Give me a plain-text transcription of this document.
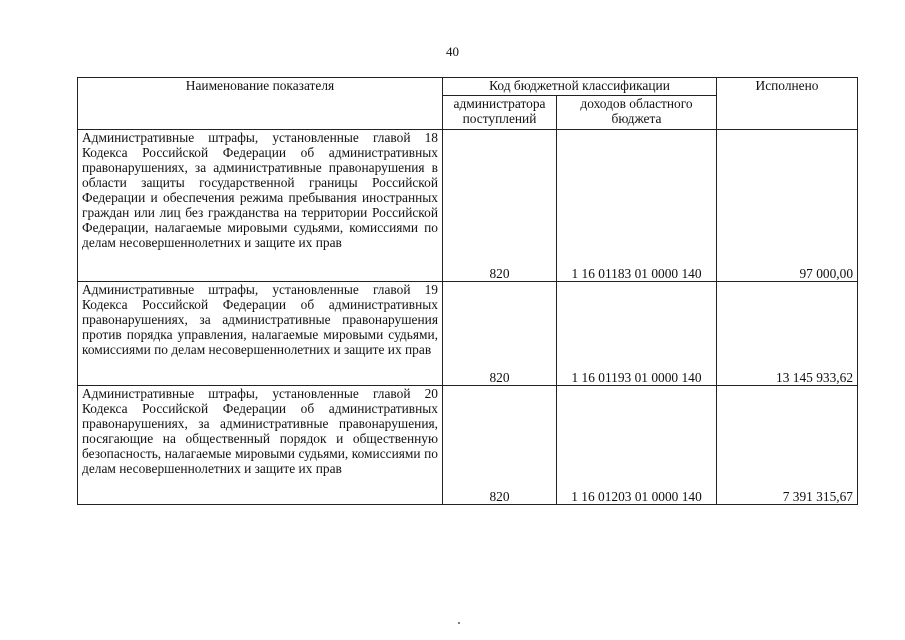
40
Наименование показателя	Код бюджетной классификации		Исполнено
	администратора поступлений	доходов областного бюджета	
Административные штрафы, установленные главой 18 Кодекса Российской Федерации об административных правонарушениях, за административные правонарушения в области защиты государственной границы Российской Федерации и обеспечения режима пребывания иностранных граждан или лиц без гражданства на территории Российской Федерации, налагаемые мировыми судьями, комиссиями по делам несовершеннолетних и защите их прав	820	1 16 01183 01 0000 140	97 000,00
Административные штрафы, установленные главой 19 Кодекса Российской Федерации об административных правонарушениях, за административные правонарушения против порядка управления, налагаемые мировыми судьями, комиссиями по делам несовершеннолетних и защите их прав	820	1 16 01193 01 0000 140	13 145 933,62
Административные штрафы, установленные главой 20 Кодекса Российской Федерации об административных правонарушениях, за административные правонарушения, посягающие на общественный порядок и общественную безопасность, налагаемые мировыми судьями, комиссиями по делам несовершеннолетних и защите их прав	820	1 16 01203 01 0000 140	7 391 315,67
